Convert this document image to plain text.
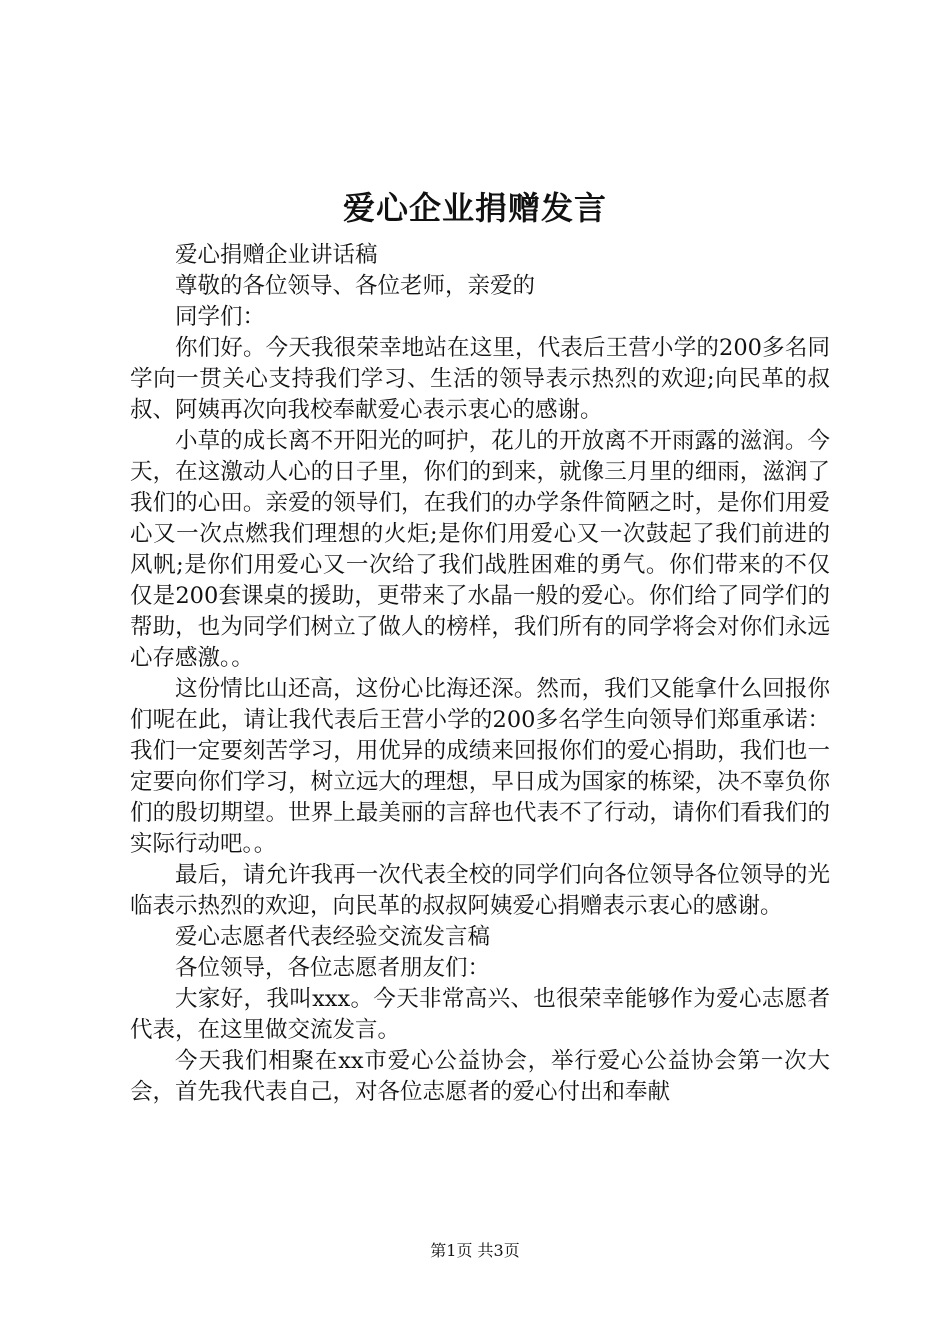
爱心企业捐赠发言

爱心捐赠企业讲话稿

尊敬的各位领导、各位老师，亲爱的

同学们：

你们好。今天我很荣幸地站在这里，代表后王营小学的200多名同学向一贯关心支持我们学习、生活的领导表示热烈的欢迎;向民革的叔叔、阿姨再次向我校奉献爱心表示衷心的感谢。

小草的成长离不开阳光的呵护，花儿的开放离不开雨露的滋润。今天，在这激动人心的日子里，你们的到来，就像三月里的细雨，滋润了我们的心田。亲爱的领导们，在我们的办学条件简陋之时，是你们用爱心又一次点燃我们理想的火炬;是你们用爱心又一次鼓起了我们前进的风帆;是你们用爱心又一次给了我们战胜困难的勇气。你们带来的不仅仅是200套课桌的援助，更带来了水晶一般的爱心。你们给了同学们的帮助，也为同学们树立了做人的榜样，我们所有的同学将会对你们永远心存感激。。

这份情比山还高，这份心比海还深。然而，我们又能拿什么回报你们呢在此，请让我代表后王营小学的200多名学生向领导们郑重承诺：我们一定要刻苦学习，用优异的成绩来回报你们的爱心捐助，我们也一定要向你们学习，树立远大的理想，早日成为国家的栋梁，决不辜负你们的殷切期望。世界上最美丽的言辞也代表不了行动，请你们看我们的实际行动吧。。

最后，请允许我再一次代表全校的同学们向各位领导各位领导的光临表示热烈的欢迎，向民革的叔叔阿姨爱心捐赠表示衷心的感谢。

爱心志愿者代表经验交流发言稿

各位领导，各位志愿者朋友们：

大家好，我叫xxx。今天非常高兴、也很荣幸能够作为爱心志愿者代表，在这里做交流发言。

今天我们相聚在xx市爱心公益协会，举行爱心公益协会第一次大会，首先我代表自己，对各位志愿者的爱心付出和奉献

第1页 共3页
